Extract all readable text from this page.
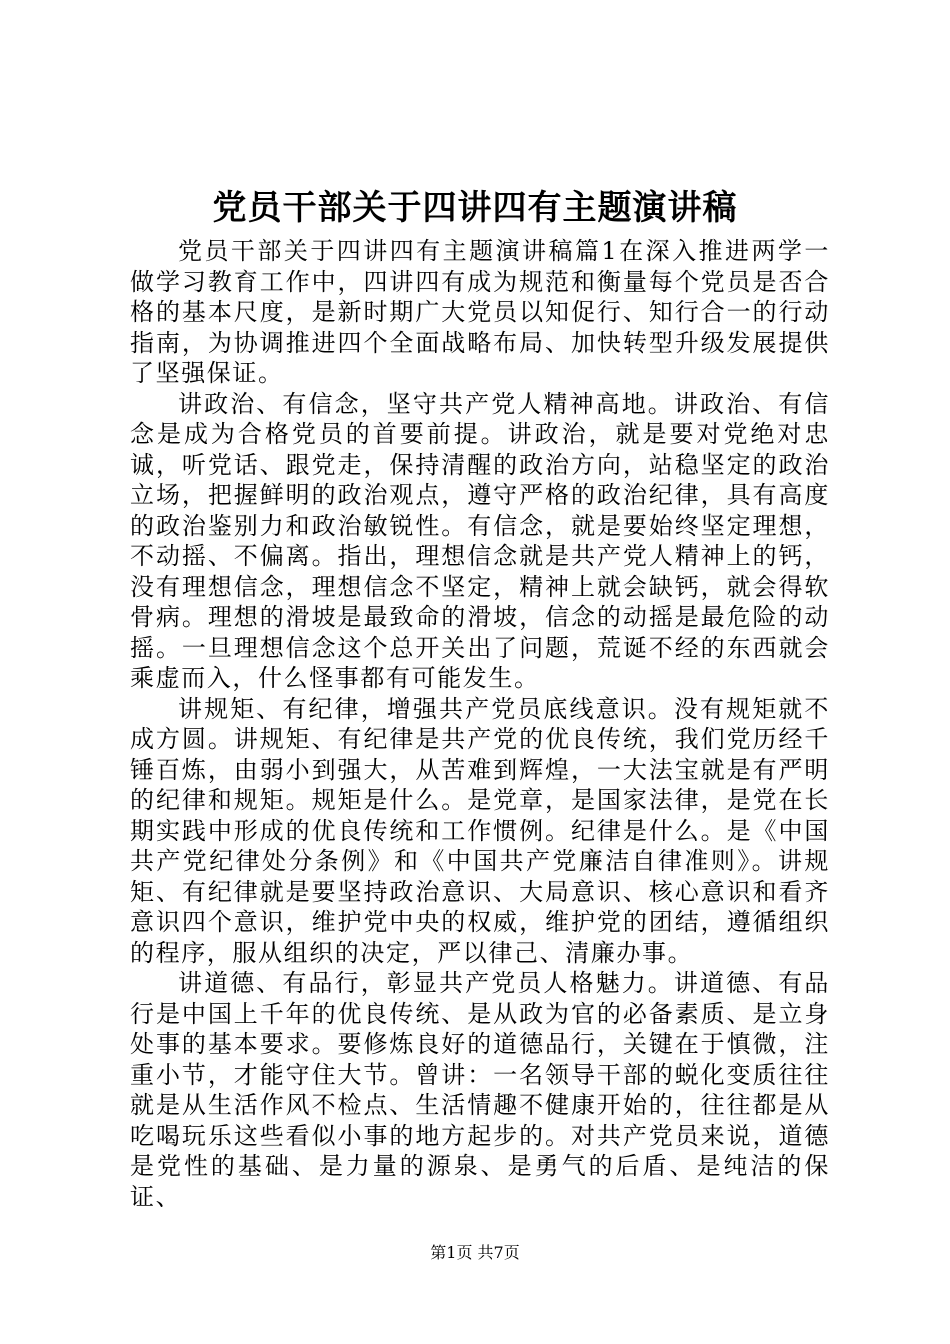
党员干部关于四讲四有主题演讲稿

党员干部关于四讲四有主题演讲稿篇1在深入推进两学一做学习教育工作中，四讲四有成为规范和衡量每个党员是否合格的基本尺度，是新时期广大党员以知促行、知行合一的行动指南，为协调推进四个全面战略布局、加快转型升级发展提供了坚强保证。

讲政治、有信念，坚守共产党人精神高地。讲政治、有信念是成为合格党员的首要前提。讲政治，就是要对党绝对忠诚，听党话、跟党走，保持清醒的政治方向，站稳坚定的政治立场，把握鲜明的政治观点，遵守严格的政治纪律，具有高度的政治鉴别力和政治敏锐性。有信念，就是要始终坚定理想，不动摇、不偏离。指出，理想信念就是共产党人精神上的钙，没有理想信念，理想信念不坚定，精神上就会缺钙，就会得软骨病。理想的滑坡是最致命的滑坡，信念的动摇是最危险的动摇。一旦理想信念这个总开关出了问题，荒诞不经的东西就会乘虚而入，什么怪事都有可能发生。

讲规矩、有纪律，增强共产党员底线意识。没有规矩就不成方圆。讲规矩、有纪律是共产党的优良传统，我们党历经千锤百炼，由弱小到强大，从苦难到辉煌，一大法宝就是有严明的纪律和规矩。规矩是什么。是党章，是国家法律，是党在长期实践中形成的优良传统和工作惯例。纪律是什么。是《中国共产党纪律处分条例》和《中国共产党廉洁自律准则》。讲规矩、有纪律就是要坚持政治意识、大局意识、核心意识和看齐意识四个意识，维护党中央的权威，维护党的团结，遵循组织的程序，服从组织的决定，严以律己、清廉办事。

讲道德、有品行，彰显共产党员人格魅力。讲道德、有品行是中国上千年的优良传统、是从政为官的必备素质、是立身处事的基本要求。要修炼良好的道德品行，关键在于慎微，注重小节，才能守住大节。曾讲：一名领导干部的蜕化变质往往就是从生活作风不检点、生活情趣不健康开始的，往往都是从吃喝玩乐这些看似小事的地方起步的。对共产党员来说，道德是党性的基础、是力量的源泉、是勇气的后盾、是纯洁的保证、

第1页 共7页
